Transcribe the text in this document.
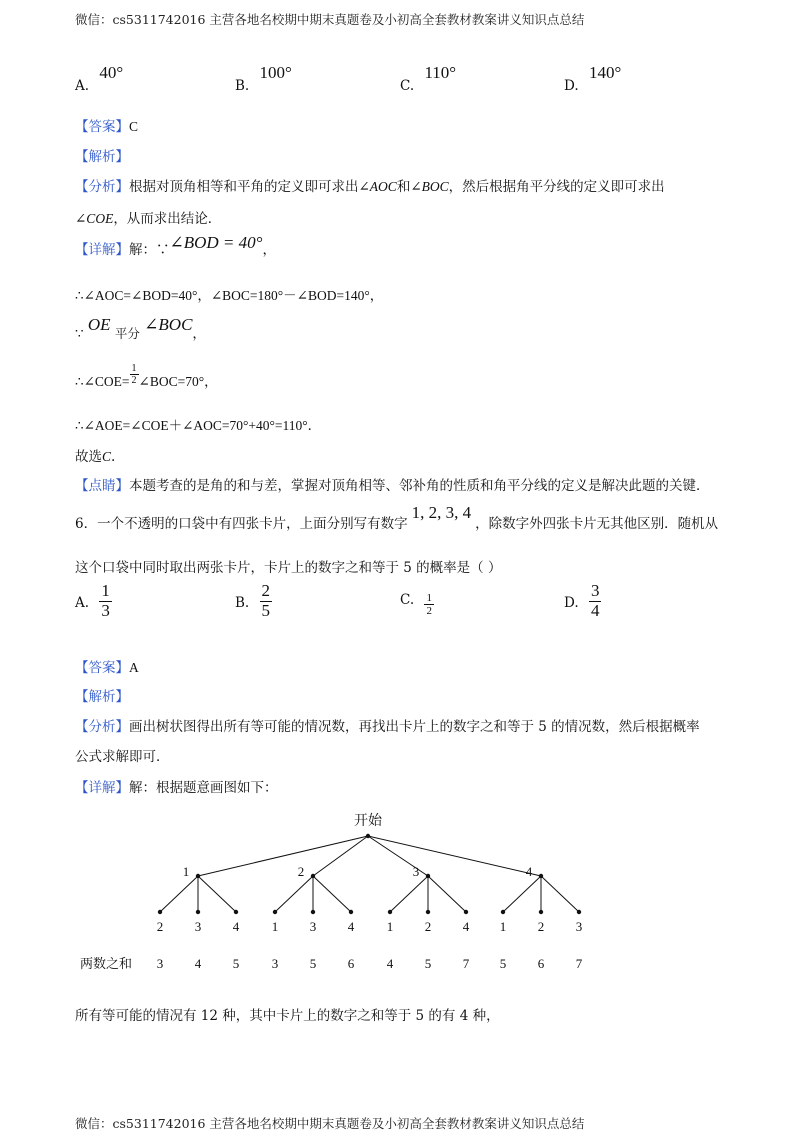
微信：cs5311742016 主营各地名校期中期末真题卷及小初高全套教材教案讲义知识点总结
A. 40°
B. 100°
C. 110°
D. 140°
【答案】C
【解析】
【分析】根据对顶角相等和平角的定义即可求出∠AOC和∠BOC，然后根据角平分线的定义即可求出
∠COE，从而求出结论．
【详解】解：∵∠BOD = 40°，
∴∠AOC=∠BOD=40°，∠BOC=180°－∠BOD=140°，
∵ OE 平分 ∠BOC，
∴∠COE= $\frac{1}{2}$ ∠BOC=70°，
∴∠AOE=∠COE＋∠AOC=70°+40°=110°．
故选C.
【点睛】本题考查的是角的和与差，掌握对顶角相等、邻补角的性质和角平分线的定义是解决此题的关键．
6．一个不透明的口袋中有四张卡片，上面分别写有数字1, 2, 3, 4，除数字外四张卡片无其他区别．随机从
这个口袋中同时取出两张卡片，卡片上的数字之和等于 5 的概率是（ ）
A. $\frac{1}{3}$	B. $\frac{2}{5}$	C. $\frac{1}{2}$	D. $\frac{3}{4}$
【答案】A
【解析】
【分析】画出树状图得出所有等可能的情况数，再找出卡片上的数字之和等于 5 的情况数，然后根据概率
公式求解即可．
【详解】解：根据题意画图如下：
开始
1
2
3
3
4
4
5
2
1
3
3
5
4
6
3
1
4
2
5
4
7
4
1
5
2
6
3
7
两数之和
所有等可能的情况有 12 种，其中卡片上的数字之和等于 5 的有 4 种，
微信：cs5311742016 主营各地名校期中期末真题卷及小初高全套教材教案讲义知识点总结
